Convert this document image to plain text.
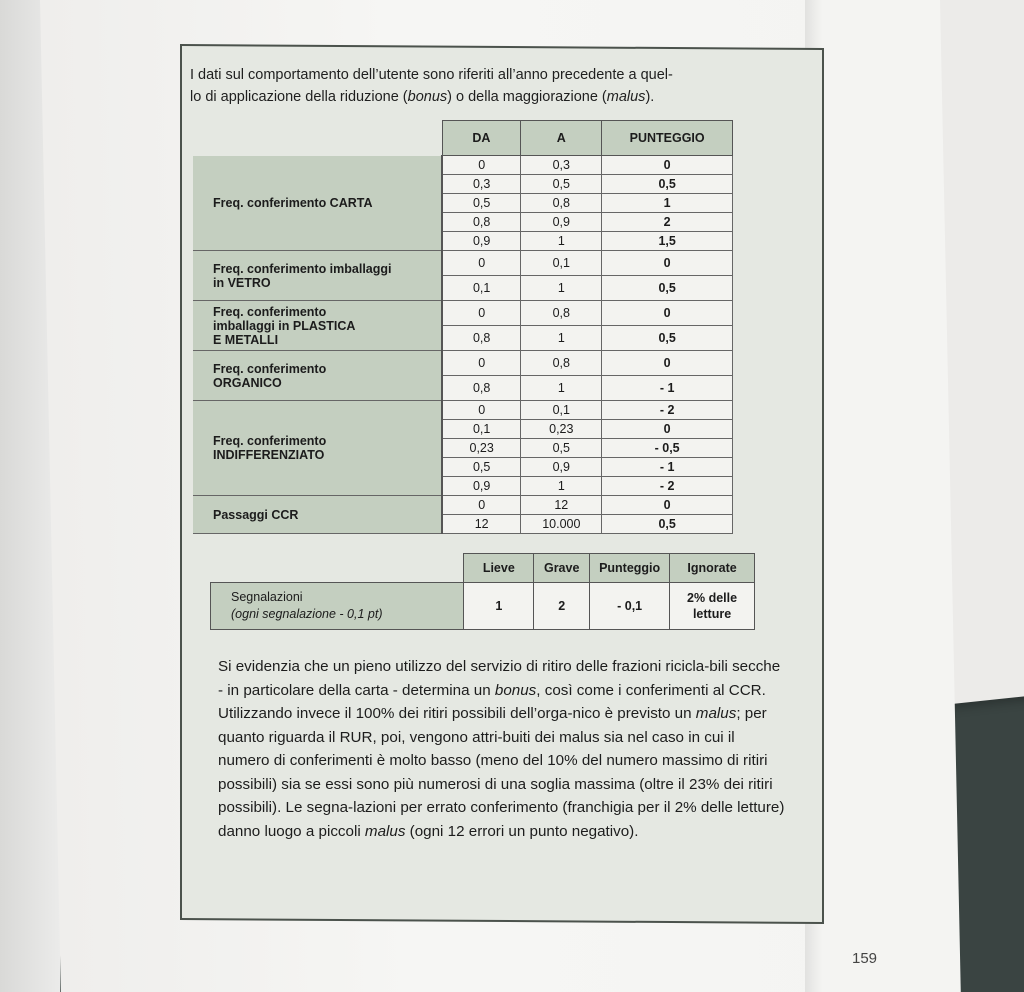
I dati sul comportamento dell’utente sono riferiti all’anno precedente a quel-
lo di applicazione della riduzione (bonus) o della maggiorazione (malus).
	DA	A	PUNTEGGIO
Freq. conferimento CARTA	0	0,3	0
	0,3	0,5	0,5
	0,5	0,8	1
	0,8	0,9	2
	0,9	1	1,5
Freq. conferimento imballaggi
in VETRO	0	0,1	0
	0,1	1	0,5
Freq. conferimento
imballaggi in PLASTICA
E METALLI	0	0,8	0
	0,8	1	0,5
Freq. conferimento
ORGANICO	0	0,8	0
	0,8	1	- 1
Freq. conferimento
INDIFFERENZIATO	0	0,1	- 2
	0,1	0,23	0
	0,23	0,5	- 0,5
	0,5	0,9	- 1
	0,9	1	- 2
Passaggi CCR	0	12	0
	12	10.000	0,5
	Lieve	Grave	Punteggio	Ignorate
Segnalazioni
(ogni segnalazione - 0,1 pt)	1	2	- 0,1	2% delle letture
Si evidenzia che un pieno utilizzo del servizio di ritiro delle frazioni ricicla-bili secche - in particolare della carta - determina un bonus, così come i conferimenti al CCR. Utilizzando invece il 100% dei ritiri possibili dell’orga-nico è previsto un malus; per quanto riguarda il RUR, poi, vengono attri-buiti dei malus sia nel caso in cui il numero di conferimenti è molto basso (meno del 10% del numero massimo di ritiri possibili) sia se essi sono più numerosi di una soglia massima (oltre il 23% dei ritiri possibili). Le segna-lazioni per errato conferimento (franchigia per il 2% delle letture) danno luogo a piccoli malus (ogni 12 errori un punto negativo).
159
